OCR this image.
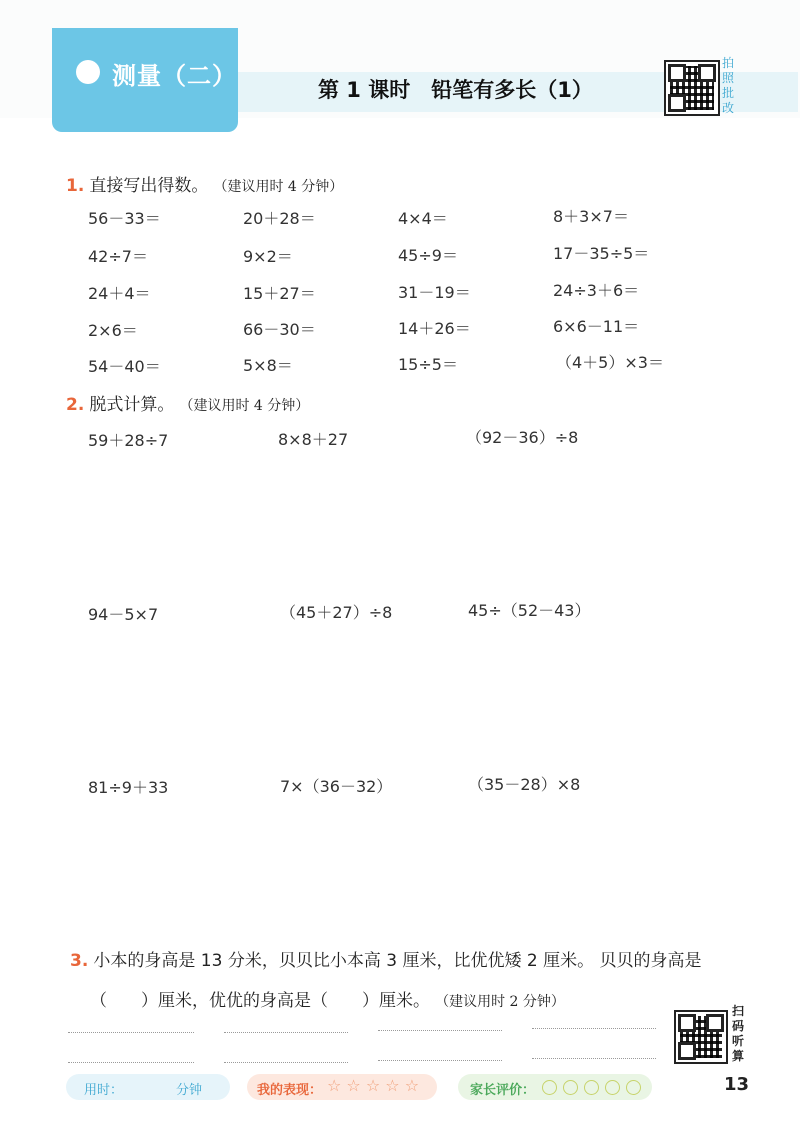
测量（二）	第 1 课时　铅笔有多长（1）
拍
照
批
改
1. 直接写出得数。 （建议用时 4 分钟）
56－33＝	20＋28＝	4×4＝	8＋3×7＝
42÷7＝	9×2＝	45÷9＝	17－35÷5＝
24＋4＝	15＋27＝	31－19＝	24÷3＋6＝
2×6＝	66－30＝	14＋26＝	6×6－11＝
54－40＝	5×8＝	15÷5＝	（4＋5）×3＝
2. 脱式计算。 （建议用时 4 分钟）
59＋28÷7	8×8＋27	（92－36）÷8
94－5×7	（45＋27）÷8	45÷（52－43）
81÷9＋33	7×（36－32）	（35－28）×8
3. 小本的身高是 13 分米，贝贝比小本高 3 厘米，比优优矮 2 厘米。 贝贝的身高是
（　　）厘米，优优的身高是（　　）厘米。 （建议用时 2 分钟）
扫
码
听
算
用时：	分钟	我的表现： ☆ ☆ ☆ ☆ ☆	家长评价：	13
